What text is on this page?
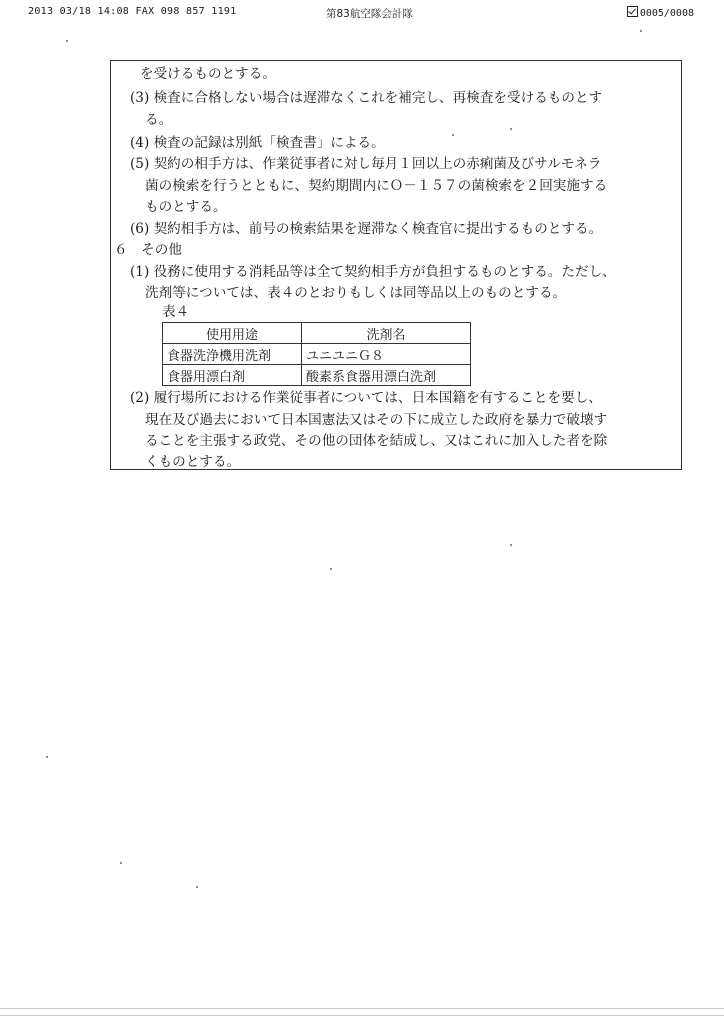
2013 03/18 14:08 FAX 098 857 1191	第83航空隊会計隊	0005/0008
を受けるものとする。
(3) 検査に合格しない場合は遅滞なくこれを補完し、再検査を受けるものとす
る。
(4) 検査の記録は別紙「検査書」による。
(5) 契約の相手方は、作業従事者に対し毎月１回以上の赤痢菌及びサルモネラ
菌の検索を行うとともに、契約期間内にＯ－１５７の菌検索を２回実施する
ものとする。
(6) 契約相手方は、前号の検索結果を遅滞なく検査官に提出するものとする。
６　その他
(1) 役務に使用する消耗品等は全て契約相手方が負担するものとする。ただし、
洗剤等については、表４のとおりもしくは同等品以上のものとする。
表４
使用用途	洗剤名
食器洗浄機用洗剤	ユニユニＧ８
食器用漂白剤	酸素系食器用漂白洗剤
(2) 履行場所における作業従事者については、日本国籍を有することを要し、
現在及び過去において日本国憲法又はその下に成立した政府を暴力で破壊す
ることを主張する政党、その他の団体を結成し、又はこれに加入した者を除
くものとする。
